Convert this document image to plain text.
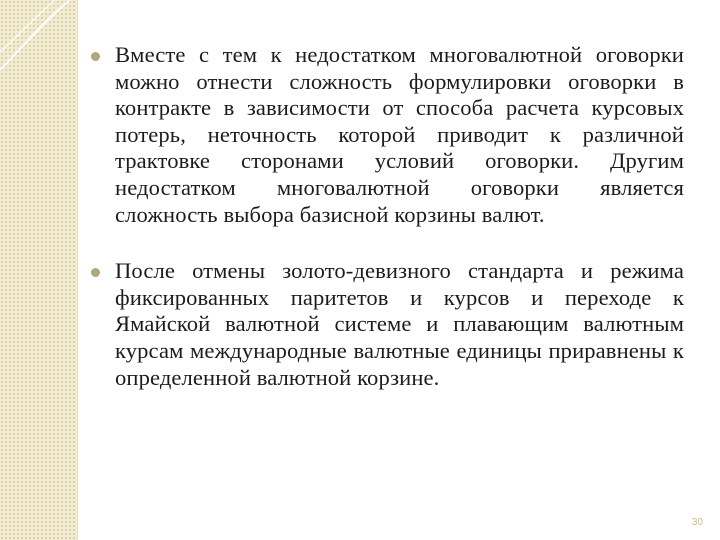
Вместе с тем к недостатком многовалютной оговорки можно отнести сложность формулировки оговорки в контракте в зависимости от способа расчета курсовых потерь, неточность которой приводит к различной трактовке сторонами условий оговорки. Другим недостатком многовалютной оговорки является сложность выбора базисной корзины валют.
После отмены золото-девизного стандарта и режима фиксированных паритетов и курсов и переходе к Ямайской валютной системе и плавающим валютным курсам международные валютные единицы приравнены к определенной валютной корзине.
30
